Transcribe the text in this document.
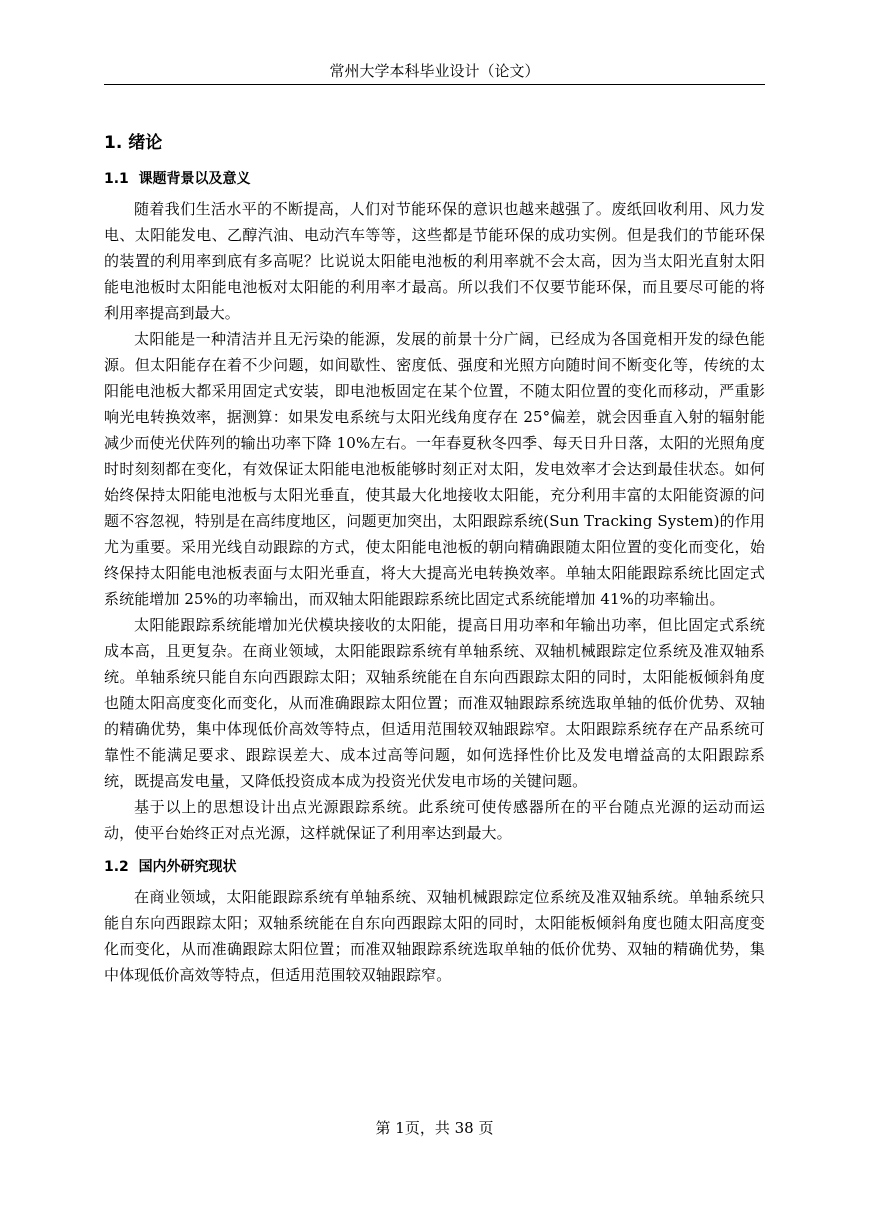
常州大学本科毕业设计（论文）
1. 绪论
1.1 课题背景以及意义

随着我们生活水平的不断提高，人们对节能环保的意识也越来越强了。废纸回收利用、风力发电、太阳能发电、乙醇汽油、电动汽车等等，这些都是节能环保的成功实例。但是我们的节能环保的装置的利用率到底有多高呢？比说说太阳能电池板的利用率就不会太高，因为当太阳光直射太阳能电池板时太阳能电池板对太阳能的利用率才最高。所以我们不仅要节能环保，而且要尽可能的将利用率提高到最大。

太阳能是一种清洁并且无污染的能源，发展的前景十分广阔，已经成为各国竟相开发的绿色能源。但太阳能存在着不少问题，如间歇性、密度低、强度和光照方向随时间不断变化等，传统的太阳能电池板大都采用固定式安装，即电池板固定在某个位置，不随太阳位置的变化而移动，严重影响光电转换效率，据测算：如果发电系统与太阳光线角度存在 25°偏差，就会因垂直入射的辐射能减少而使光伏阵列的输出功率下降 10%左右。一年春夏秋冬四季、每天日升日落，太阳的光照角度时时刻刻都在变化，有效保证太阳能电池板能够时刻正对太阳，发电效率才会达到最佳状态。如何始终保持太阳能电池板与太阳光垂直，使其最大化地接收太阳能，充分利用丰富的太阳能资源的问题不容忽视，特别是在高纬度地区，问题更加突出，太阳跟踪系统(Sun Tracking System)的作用尤为重要。采用光线自动跟踪的方式，使太阳能电池板的朝向精确跟随太阳位置的变化而变化，始终保持太阳能电池板表面与太阳光垂直，将大大提高光电转换效率。单轴太阳能跟踪系统比固定式系统能增加 25%的功率输出，而双轴太阳能跟踪系统比固定式系统能增加 41%的功率输出。

太阳能跟踪系统能增加光伏模块接收的太阳能，提高日用功率和年输出功率，但比固定式系统成本高，且更复杂。在商业领域，太阳能跟踪系统有单轴系统、双轴机械跟踪定位系统及准双轴系统。单轴系统只能自东向西跟踪太阳；双轴系统能在自东向西跟踪太阳的同时，太阳能板倾斜角度也随太阳高度变化而变化，从而准确跟踪太阳位置；而准双轴跟踪系统选取单轴的低价优势、双轴的精确优势，集中体现低价高效等特点，但适用范围较双轴跟踪窄。太阳跟踪系统存在产品系统可靠性不能满足要求、跟踪误差大、成本过高等问题，如何选择性价比及发电增益高的太阳跟踪系统，既提高发电量，又降低投资成本成为投资光伏发电市场的关键问题。

基于以上的思想设计出点光源跟踪系统。此系统可使传感器所在的平台随点光源的运动而运动，使平台始终正对点光源，这样就保证了利用率达到最大。

1.2 国内外研究现状

在商业领域，太阳能跟踪系统有单轴系统、双轴机械跟踪定位系统及准双轴系统。单轴系统只能自东向西跟踪太阳；双轴系统能在自东向西跟踪太阳的同时，太阳能板倾斜角度也随太阳高度变化而变化，从而准确跟踪太阳位置；而准双轴跟踪系统选取单轴的低价优势、双轴的精确优势，集中体现低价高效等特点，但适用范围较双轴跟踪窄。

第 1页，共 38 页
